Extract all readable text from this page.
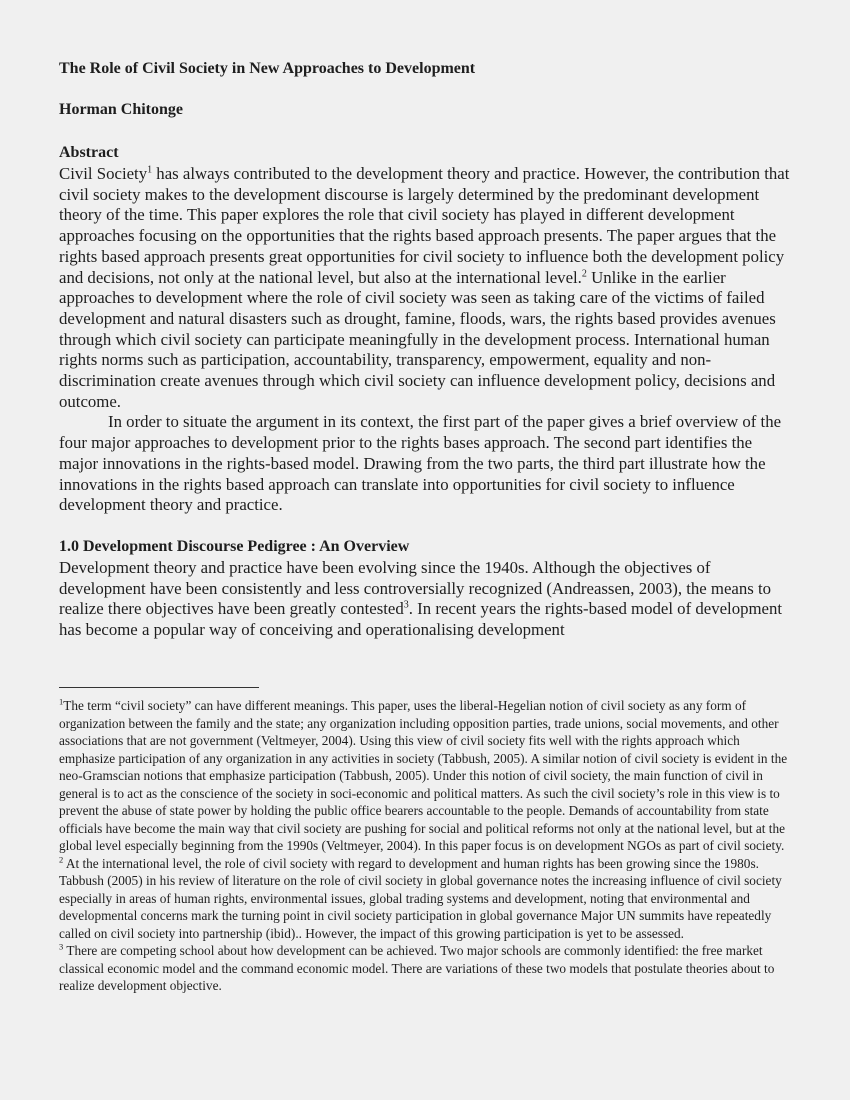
The Role of Civil Society in New Approaches to Development

Horman Chitonge

Abstract

Civil Society$^1$ has always contributed to the development theory and practice. However, the contribution that civil society makes to the development discourse is largely determined by the predominant development theory of the time. This paper explores the role that civil society has played in different development approaches focusing on the opportunities that the rights based approach presents. The paper argues that the rights based approach presents great opportunities for civil society to influence both the development policy and decisions, not only at the national level, but also at the international level.$^2$ Unlike in the earlier approaches to development where the role of civil society was seen as taking care of the victims of failed development and natural disasters such as drought, famine, floods, wars, the rights based provides avenues through which civil society can participate meaningfully in the development process. International human rights norms such as participation, accountability, transparency, empowerment, equality and non-discrimination create avenues through which civil society can influence development policy, decisions and outcome.

In order to situate the argument in its context, the first part of the paper gives a brief overview of the four major approaches to development prior to the rights bases approach. The second part identifies the major innovations in the rights-based model. Drawing from the two parts, the third part illustrate how the innovations in the rights based approach can translate into opportunities for civil society to influence development theory and practice.

1.0 Development Discourse Pedigree : An Overview

Development theory and practice have been evolving since the 1940s. Although the objectives of development have been consistently and less controversially recognized (Andreassen, 2003), the means to realize there objectives have been greatly contested$^3$. In recent years the rights-based model of development has become a popular way of conceiving and operationalising development

$^1$The term “civil society” can have different meanings. This paper, uses the liberal-Hegelian notion of civil society as any form of organization between the family and the state; any organization including opposition parties, trade unions, social movements, and other associations that are not government (Veltmeyer, 2004). Using this view of civil society fits well with the rights approach which emphasize participation of any organization in any activities in society (Tabbush, 2005). A similar notion of civil society is evident in the neo-Gramscian notions that emphasize participation (Tabbush, 2005). Under this notion of civil society, the main function of civil in general is to act as the conscience of the society in soci-economic and political matters. As such the civil society’s role in this view is to prevent the abuse of state power by holding the public office bearers accountable to the people. Demands of accountability from state officials have become the main way that civil society are pushing for social and political reforms not only at the national level, but at the global level especially beginning from the 1990s (Veltmeyer, 2004). In this paper focus is on development NGOs as part of civil society.

$^2$ At the international level, the role of civil society with regard to development and human rights has been growing since the 1980s. Tabbush (2005) in his review of literature on the role of civil society in global governance notes the increasing influence of civil society especially in areas of human rights, environmental issues, global trading systems and development, noting that environmental and developmental concerns mark the turning point in civil society participation in global governance Major UN summits have repeatedly called on civil society into partnership (ibid).. However, the impact of this growing participation is yet to be assessed.

$^3$ There are competing school about how development can be achieved. Two major schools are commonly identified: the free market classical economic model and the command economic model. There are variations of these two models that postulate theories about to realize development objective.
